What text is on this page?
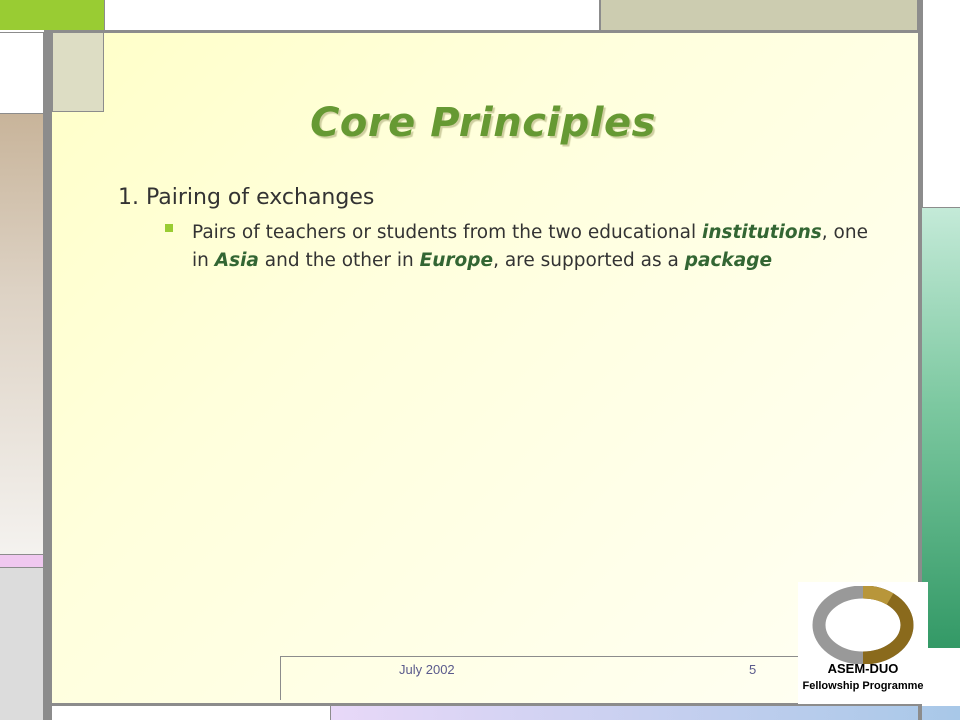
Core Principles
1. Pairing of exchanges
Pairs of teachers or students from the two educational institutions, one in Asia and the other in Europe, are supported as a package
July 2002	5	ASEM-DUO
Fellowship Programme
